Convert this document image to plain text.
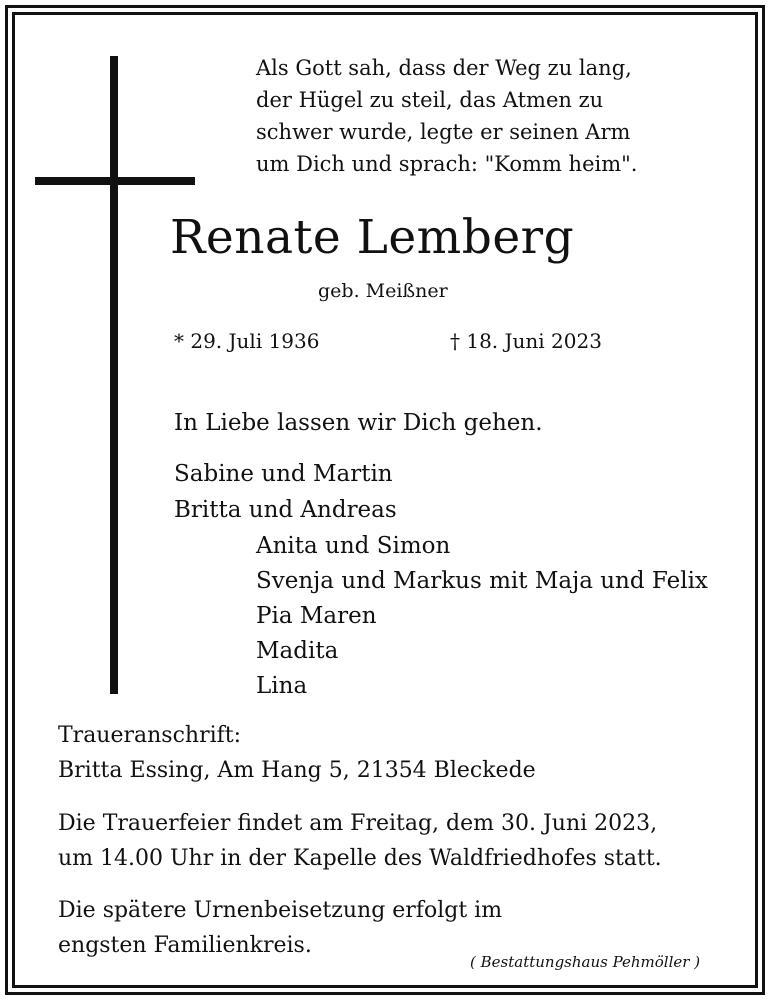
Als Gott sah, dass der Weg zu lang,
der Hügel zu steil, das Atmen zu
schwer wurde, legte er seinen Arm
um Dich und sprach: "Komm heim".
Renate Lemberg
geb. Meißner
* 29. Juli 1936	† 18. Juni 2023
In Liebe lassen wir Dich gehen.
Sabine und Martin
Britta und Andreas
Anita und Simon
Svenja und Markus mit Maja und Felix
Pia Maren
Madita
Lina
Traueranschrift:
Britta Essing, Am Hang 5, 21354 Bleckede
Die Trauerfeier findet am Freitag, dem 30. Juni 2023,
um 14.00 Uhr in der Kapelle des Waldfriedhofes statt.
Die spätere Urnenbeisetzung erfolgt im
engsten Familienkreis.
( Bestattungshaus Pehmöller )
